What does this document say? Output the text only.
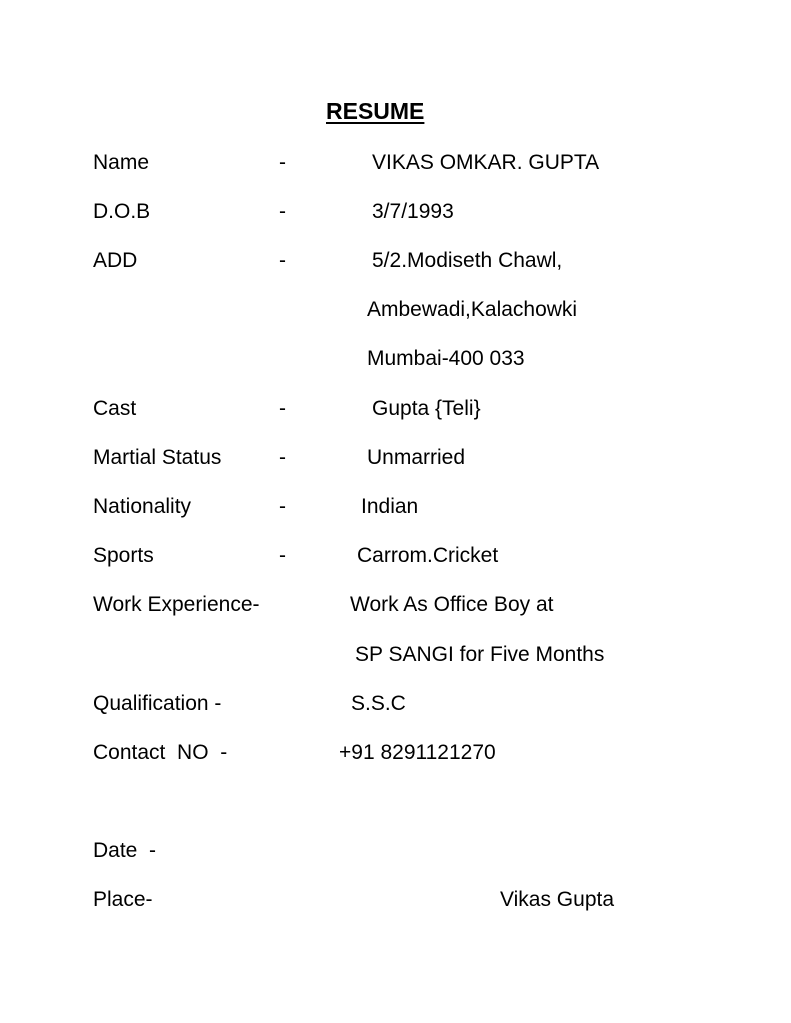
RESUME
Name	-	VIKAS OMKAR. GUPTA
D.O.B	-	3/7/1993
ADD	-	5/2.Modiseth Chawl,
Ambewadi,Kalachowki
Mumbai-400 033
Cast	-	Gupta {Teli}
Martial Status	-	Unmarried
Nationality	-	Indian
Sports	-	Carrom.Cricket
Work Experience-	Work As Office Boy at
SP SANGI for Five Months
Qualification -	S.S.C
Contact  NO  -	+91 8291121270
Date  -
Place-	Vikas Gupta
